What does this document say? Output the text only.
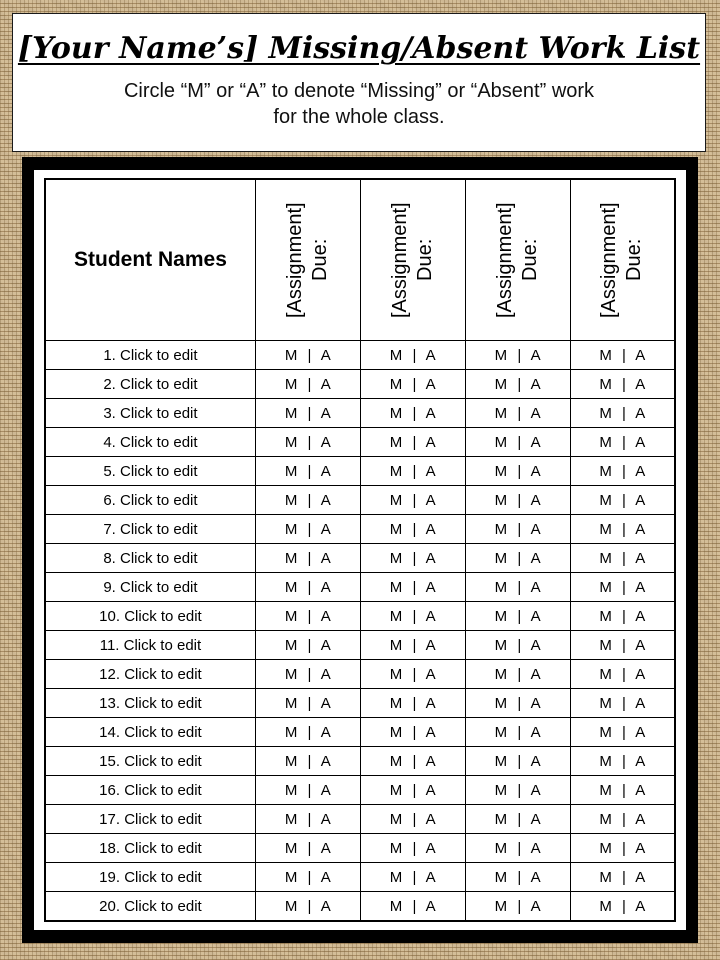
[Your Name’s] Missing/Absent Work List
Circle “M” or “A” to denote “Missing” or “Absent” work
for the whole class.
Student Names	[Assignment] Due:	[Assignment] Due:	[Assignment] Due:	[Assignment] Due:

1. Click to edit	M | A	M | A	M | A	M | A
2. Click to edit	M | A	M | A	M | A	M | A
3. Click to edit	M | A	M | A	M | A	M | A
4. Click to edit	M | A	M | A	M | A	M | A
5. Click to edit	M | A	M | A	M | A	M | A
6. Click to edit	M | A	M | A	M | A	M | A
7. Click to edit	M | A	M | A	M | A	M | A
8. Click to edit	M | A	M | A	M | A	M | A
9. Click to edit	M | A	M | A	M | A	M | A
10. Click to edit	M | A	M | A	M | A	M | A
11. Click to edit	M | A	M | A	M | A	M | A
12. Click to edit	M | A	M | A	M | A	M | A
13. Click to edit	M | A	M | A	M | A	M | A
14. Click to edit	M | A	M | A	M | A	M | A
15. Click to edit	M | A	M | A	M | A	M | A
16. Click to edit	M | A	M | A	M | A	M | A
17. Click to edit	M | A	M | A	M | A	M | A
18. Click to edit	M | A	M | A	M | A	M | A
19. Click to edit	M | A	M | A	M | A	M | A
20. Click to edit	M | A	M | A	M | A	M | A
